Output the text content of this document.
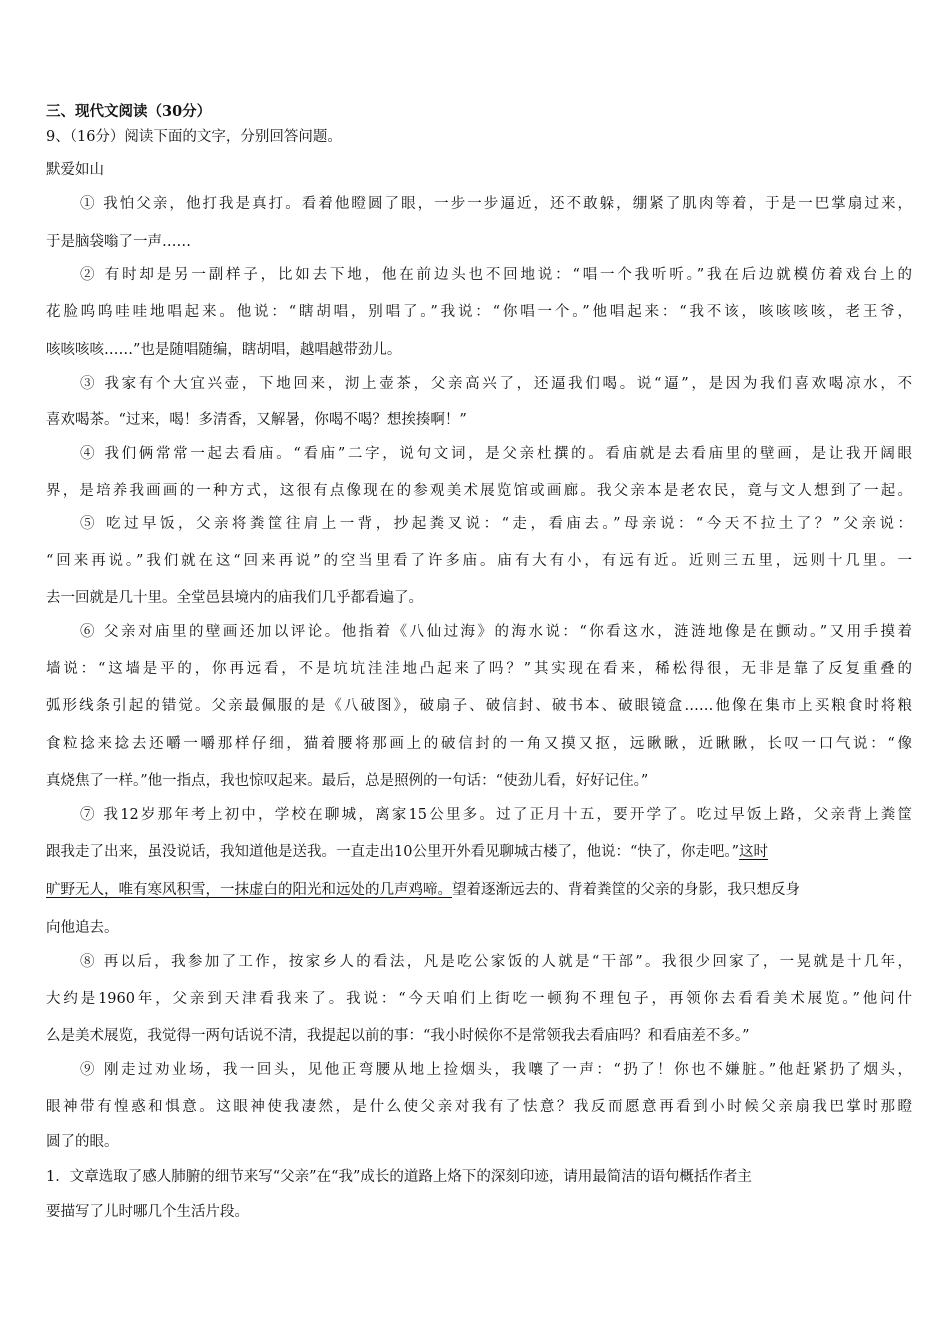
三、现代文阅读（30分）
9、（16分）阅读下面的文字，分别回答问题。
默爱如山
① 我怕父亲，他打我是真打。看着他瞪圆了眼，一步一步逼近，还不敢躲，绷紧了肌肉等着，于是一巴掌扇过来，
于是脑袋嗡了一声……
② 有时却是另一副样子，比如去下地，他在前边头也不回地说：“唱一个我听听。”我在后边就模仿着戏台上的
花脸呜呜哇哇地唱起来。他说：“瞎胡唱，别唱了。”我说：“你唱一个。”他唱起来：“我不该，咳咳咳咳，老王爷，
咳咳咳咳……”也是随唱随编，瞎胡唱，越唱越带劲儿。
③ 我家有个大宜兴壶，下地回来，沏上壶茶，父亲高兴了，还逼我们喝。说“逼”，是因为我们喜欢喝凉水，不
喜欢喝茶。“过来，喝！多清香，又解暑，你喝不喝？想挨揍啊！”
④ 我们俩常常一起去看庙。“看庙”二字，说句文词，是父亲杜撰的。看庙就是去看庙里的壁画，是让我开阔眼
界，是培养我画画的一种方式，这很有点像现在的参观美术展览馆或画廊。我父亲本是老农民，竟与文人想到了一起。
⑤ 吃过早饭，父亲将粪筐往肩上一背，抄起粪叉说：“走，看庙去。”母亲说：“今天不拉土了？”父亲说：
“回来再说。”我们就在这“回来再说”的空当里看了许多庙。庙有大有小，有远有近。近则三五里，远则十几里。一
去一回就是几十里。全堂邑县境内的庙我们几乎都看遍了。
⑥ 父亲对庙里的壁画还加以评论。他指着《八仙过海》的海水说：“你看这水，涟涟地像是在颤动。”又用手摸着
墙说：“这墙是平的，你再远看，不是坑坑洼洼地凸起来了吗？”其实现在看来，稀松得很，无非是靠了反复重叠的
弧形线条引起的错觉。父亲最佩服的是《八破图》，破扇子、破信封、破书本、破眼镜盒……他像在集市上买粮食时将粮
食粒捻来捻去还嚼一嚼那样仔细，猫着腰将那画上的破信封的一角又摸又抠，远瞅瞅，近瞅瞅，长叹一口气说：“像
真烧焦了一样。”他一指点，我也惊叹起来。最后，总是照例的一句话：“使劲儿看，好好记住。”
⑦ 我12岁那年考上初中，学校在聊城，离家15公里多。过了正月十五，要开学了。吃过早饭上路，父亲背上粪筐
跟我走了出来，虽没说话，我知道他是送我。一直走出10公里开外看见聊城古楼了，他说：“快了，你走吧。”这时
旷野无人，唯有寒风积雪，一抹虚白的阳光和远处的几声鸡啼。望着逐渐远去的、背着粪筐的父亲的身影，我只想反身
向他追去。
⑧ 再以后，我参加了工作，按家乡人的看法，凡是吃公家饭的人就是“干部”。我很少回家了，一晃就是十几年，
大约是1960年，父亲到天津看我来了。我说：“今天咱们上街吃一顿狗不理包子，再领你去看看美术展览。”他问什
么是美术展览，我觉得一两句话说不清，我提起以前的事：“我小时候你不是常领我去看庙吗？和看庙差不多。”
⑨ 刚走过劝业场，我一回头，见他正弯腰从地上捡烟头，我嚷了一声：“扔了！你也不嫌脏。”他赶紧扔了烟头，
眼神带有惶惑和惧意。这眼神使我凄然，是什么使父亲对我有了怯意？我反而愿意再看到小时候父亲扇我巴掌时那瞪
圆了的眼。
1．文章选取了感人肺腑的细节来写“父亲”在“我”成长的道路上烙下的深刻印迹，请用最简洁的语句概括作者主
要描写了儿时哪几个生活片段。
